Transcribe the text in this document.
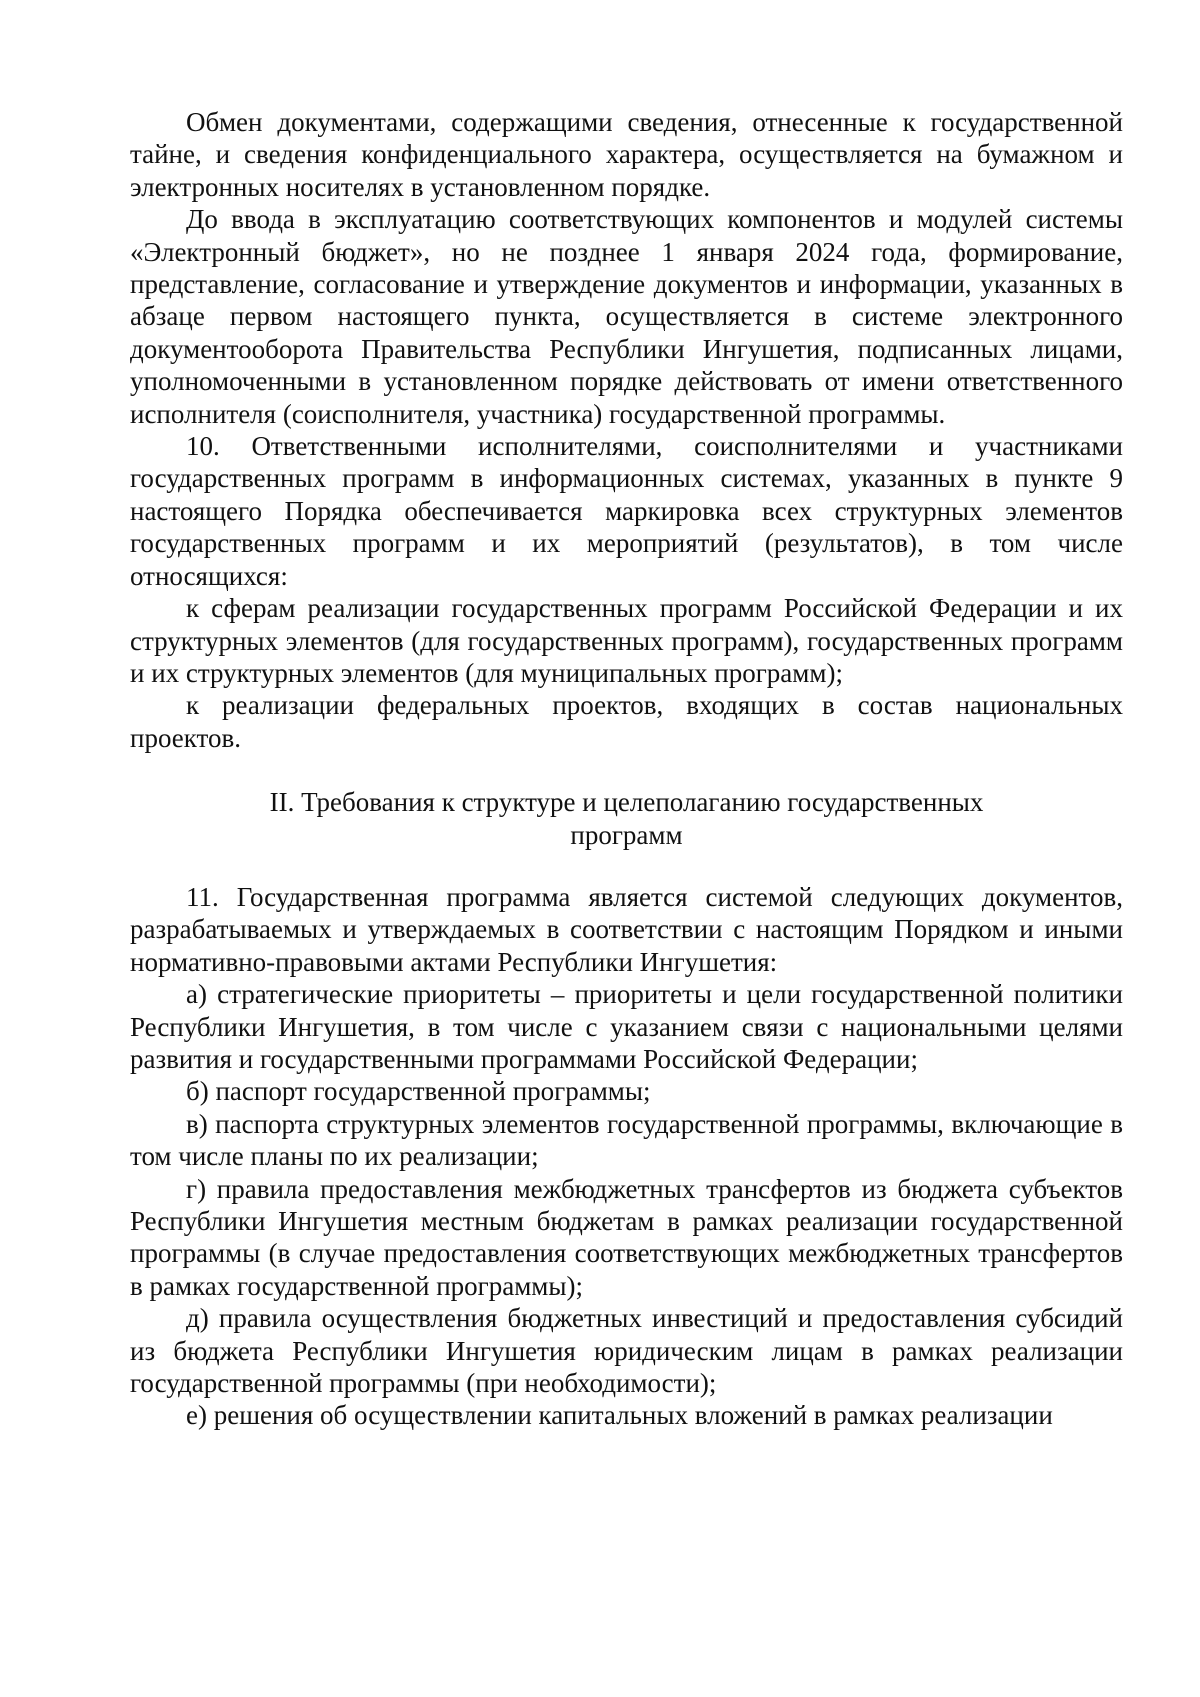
Обмен документами, содержащими сведения, отнесенные к государственной тайне, и сведения конфиденциального характера, осуществляется на бумажном и электронных носителях в установленном порядке.

До ввода в эксплуатацию соответствующих компонентов и модулей системы «Электронный бюджет», но не позднее 1 января 2024 года, формирование, представление, согласование и утверждение документов и информации, указанных в абзаце первом настоящего пункта, осуществляется в системе электронного документооборота Правительства Республики Ингушетия, подписанных лицами, уполномоченными в установленном порядке действовать от имени ответственного исполнителя (соисполнителя, участника) государственной программы.

10. Ответственными исполнителями, соисполнителями и участниками государственных программ в информационных системах, указанных в пункте 9 настоящего Порядка обеспечивается маркировка всех структурных элементов государственных программ и их мероприятий (результатов), в том числе относящихся:

к сферам реализации государственных программ Российской Федерации и их структурных элементов (для государственных программ), государственных программ и их структурных элементов (для муниципальных программ);

к реализации федеральных проектов, входящих в состав национальных проектов.

II. Требования к структуре и целеполаганию государственных программ

11. Государственная программа является системой следующих документов, разрабатываемых и утверждаемых в соответствии с настоящим Порядком и иными нормативно-правовыми актами Республики Ингушетия:

а) стратегические приоритеты – приоритеты и цели государственной политики Республики Ингушетия, в том числе с указанием связи с национальными целями развития и государственными программами Российской Федерации;

б) паспорт государственной программы;

в) паспорта структурных элементов государственной программы, включающие в том числе планы по их реализации;

г) правила предоставления межбюджетных трансфертов из бюджета субъектов Республики Ингушетия местным бюджетам в рамках реализации государственной программы (в случае предоставления соответствующих межбюджетных трансфертов в рамках государственной программы);

д) правила осуществления бюджетных инвестиций и предоставления субсидий из бюджета Республики Ингушетия юридическим лицам в рамках реализации государственной программы (при необходимости);

е) решения об осуществлении капитальных вложений в рамках реализации
